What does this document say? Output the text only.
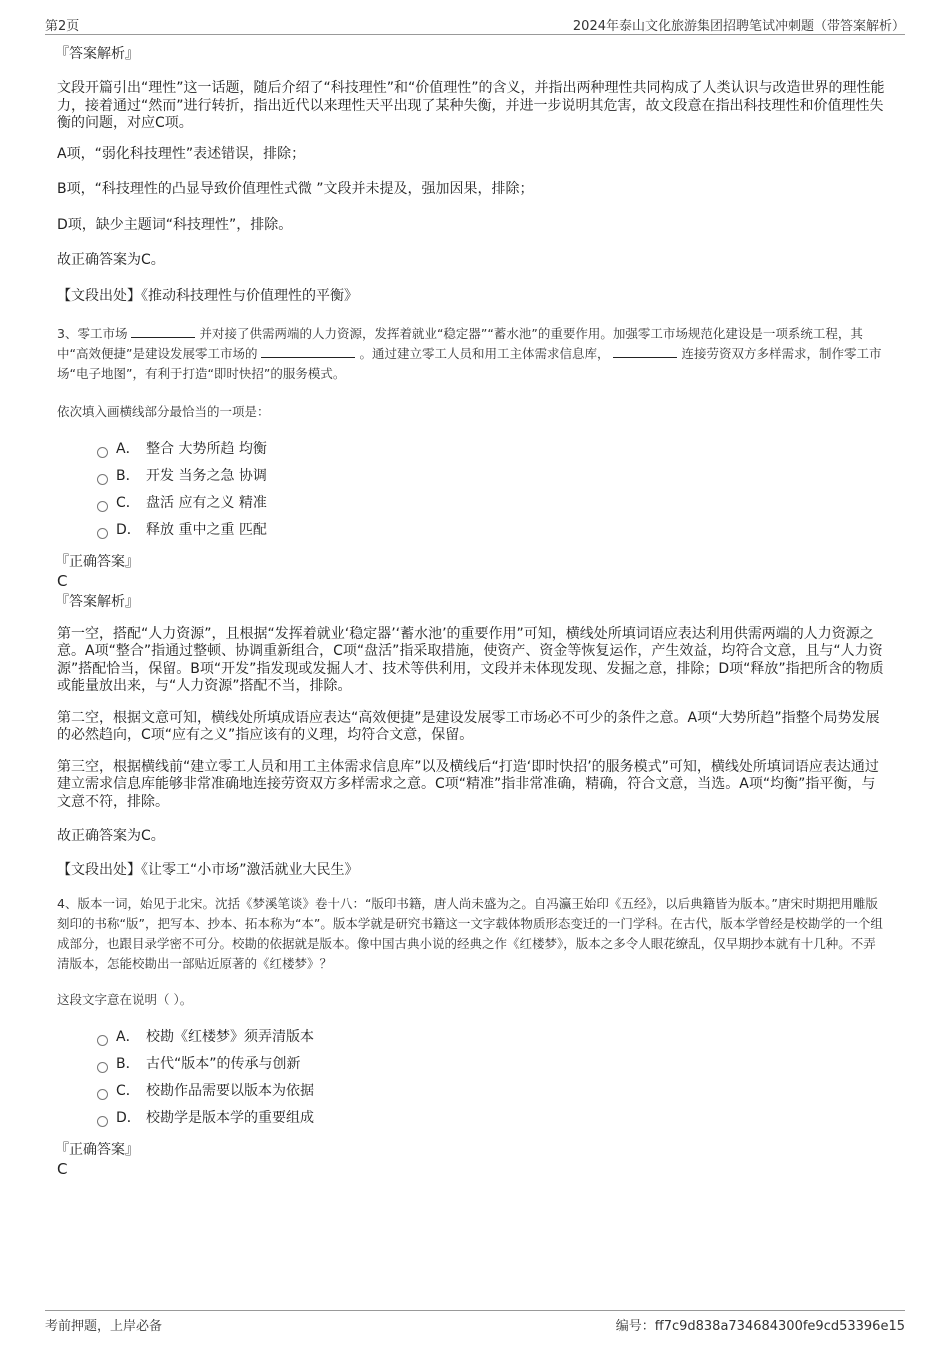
第2页	2024年泰山文化旅游集团招聘笔试冲刺题（带答案解析）
『答案解析』

文段开篇引出“理性”这一话题，随后介绍了“科技理性”和“价值理性”的含义，并指出两种理性共同构成了人类认识与改造世界的理性能力，接着通过“然而”进行转折，指出近代以来理性天平出现了某种失衡，并进一步说明其危害，故文段意在指出科技理性和价值理性失衡的问题，对应C项。

A项，“弱化科技理性”表述错误，排除；

B项，“科技理性的凸显导致价值理性式微 ”文段并未提及，强加因果，排除；

D项，缺少主题词“科技理性”，排除。

故正确答案为C。

【文段出处】《推动科技理性与价值理性的平衡》

3、零工市场	并对接了供需两端的人力资源，发挥着就业“稳定器”“蓄水池”的重要作用。加强零工市场规范化建设是一项系统工程，其中“高效便捷”是建设发展零工市场的	。通过建立零工人员和用工主体需求信息库，	连接劳资双方多样需求，制作零工市场“电子地图”，有利于打造“即时快招”的服务模式。

依次填入画横线部分最恰当的一项是：

A． 整合 大势所趋 均衡
B． 开发 当务之急 协调
C． 盘活 应有之义 精准
D． 释放 重中之重 匹配
『正确答案』

C

『答案解析』

第一空，搭配“人力资源”，且根据“发挥着就业‘稳定器’‘蓄水池’的重要作用”可知，横线处所填词语应表达利用供需两端的人力资源之意。A项“整合”指通过整顿、协调重新组合，C项“盘活”指采取措施，使资产、资金等恢复运作，产生效益，均符合文意，且与“人力资源”搭配恰当，保留。B项“开发”指发现或发掘人才、技术等供利用，文段并未体现发现、发掘之意，排除；D项“释放”指把所含的物质或能量放出来，与“人力资源”搭配不当，排除。

第二空，根据文意可知，横线处所填成语应表达“高效便捷”是建设发展零工市场必不可少的条件之意。A项“大势所趋”指整个局势发展的必然趋向，C项“应有之义”指应该有的义理，均符合文意，保留。

第三空，根据横线前“建立零工人员和用工主体需求信息库”以及横线后“打造‘即时快招’的服务模式”可知，横线处所填词语应表达通过建立需求信息库能够非常准确地连接劳资双方多样需求之意。C项“精准”指非常准确，精确，符合文意，当选。A项“均衡”指平衡，与文意不符，排除。

故正确答案为C。

【文段出处】《让零工“小市场”激活就业大民生》

4、版本一词，始见于北宋。沈括《梦溪笔谈》卷十八：“版印书籍，唐人尚未盛为之。自冯瀛王始印《五经》，以后典籍皆为版本。”唐宋时期把用雕版刻印的书称“版”，把写本、抄本、拓本称为“本”。版本学就是研究书籍这一文字载体物质形态变迁的一门学科。在古代，版本学曾经是校勘学的一个组成部分，也跟目录学密不可分。校勘的依据就是版本。像中国古典小说的经典之作《红楼梦》，版本之多令人眼花缭乱，仅早期抄本就有十几种。不弄清版本，怎能校勘出一部贴近原著的《红楼梦》？

这段文字意在说明（ ）。

A． 校勘《红楼梦》须弄清版本
B． 古代“版本”的传承与创新
C． 校勘作品需要以版本为依据
D． 校勘学是版本学的重要组成
『正确答案』

C

考前押题，上岸必备	编号：ff7c9d838a734684300fe9cd53396e15
